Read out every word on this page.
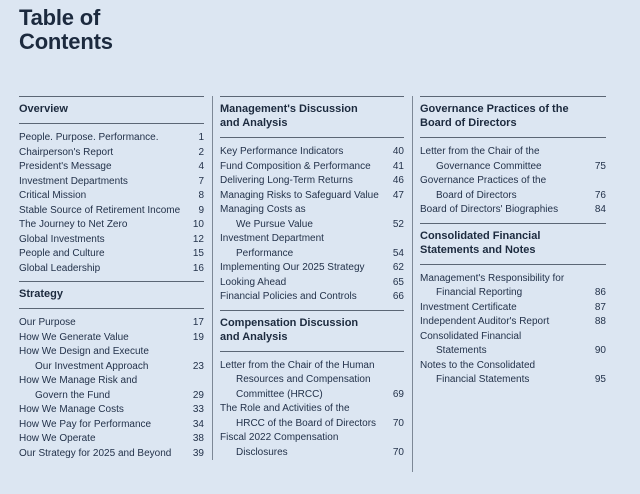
Table of
Contents
Overview
People. Purpose. Performance.	1
Chairperson's Report	2
President's Message	4
Investment Departments	7
Critical Mission	8
Stable Source of Retirement Income	9
The Journey to Net Zero	10
Global Investments	12
People and Culture	15
Global Leadership	16
Strategy
Our Purpose	17
How We Generate Value	19
How We Design and Execute
Our Investment Approach	23
How We Manage Risk and
Govern the Fund	29
How We Manage Costs	33
How We Pay for Performance	34
How We Operate	38
Our Strategy for 2025 and Beyond 39
Management's Discussion
and Analysis
Key Performance Indicators	40
Fund Composition & Performance 41
Delivering Long-Term Returns	46
Managing Risks to Safeguard Value 47
Managing Costs as
We Pursue Value	52
Investment Department
Performance	54
Implementing Our 2025 Strategy	62
Looking Ahead	65
Financial Policies and Controls	66
Compensation Discussion
and Analysis
Letter from the Chair of the Human
Resources and Compensation
Committee (HRCC)	69
The Role and Activities of the
HRCC of the Board of Directors 70
Fiscal 2022 Compensation
Disclosures	70
Governance Practices of the
Board of Directors
Letter from the Chair of the
Governance Committee	75
Governance Practices of the
Board of Directors	76
Board of Directors' Biographies	84
Consolidated Financial
Statements and Notes
Management's Responsibility for
Financial Reporting	86
Investment Certificate	87
Independent Auditor's Report	88
Consolidated Financial
Statements	90
Notes to the Consolidated
Financial Statements	95
